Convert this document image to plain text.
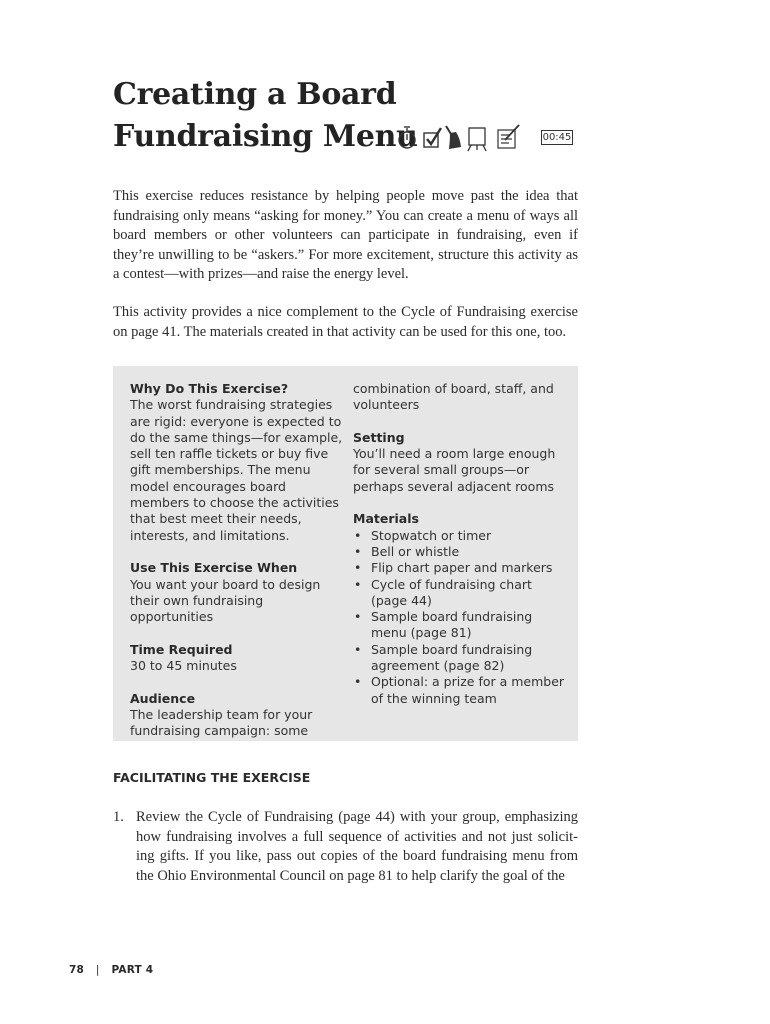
Creating a Board
Fundraising Menu	00:45

This exercise reduces resistance by helping people move past the idea that fundraising only means “asking for money.” You can create a menu of ways all board members or other volunteers can participate in fundraising, even if they’re unwilling to be “askers.” For more excitement, structure this activity as a contest—with prizes—and raise the energy level.

This activity provides a nice complement to the Cycle of Fundraising exercise on page 41. The materials created in that activity can be used for this one, too.

Why Do This Exercise?

The worst fundraising strategies are rigid: everyone is expected to do the same things—for example, sell ten raffle tickets or buy five gift memberships. The menu model encourages board members to choose the activities that best meet their needs, interests, and limitations.

Use This Exercise When

You want your board to design their own fundraising opportunities

Time Required

30 to 45 minutes

Audience

The leadership team for your fundraising campaign: some

combination of board, staff, and volunteers

Setting

You’ll need a room large enough for several small groups—or perhaps several adjacent rooms

Materials
• Stopwatch or timer
• Bell or whistle
• Flip chart paper and markers
• Cycle of fundraising chart (page 44)
• Sample board fundraising menu (page 81)
• Sample board fundraising agreement (page 82)
• Optional: a prize for a member of the winning team
FACILITATING THE EXERCISE
1. Review the Cycle of Fundraising (page 44) with your group, emphasizing how fundraising involves a full sequence of activities and not just solicit-ing gifts. If you like, pass out copies of the board fundraising menu from the Ohio Environmental Council on page 81 to help clarify the goal of the
78 | PART 4
